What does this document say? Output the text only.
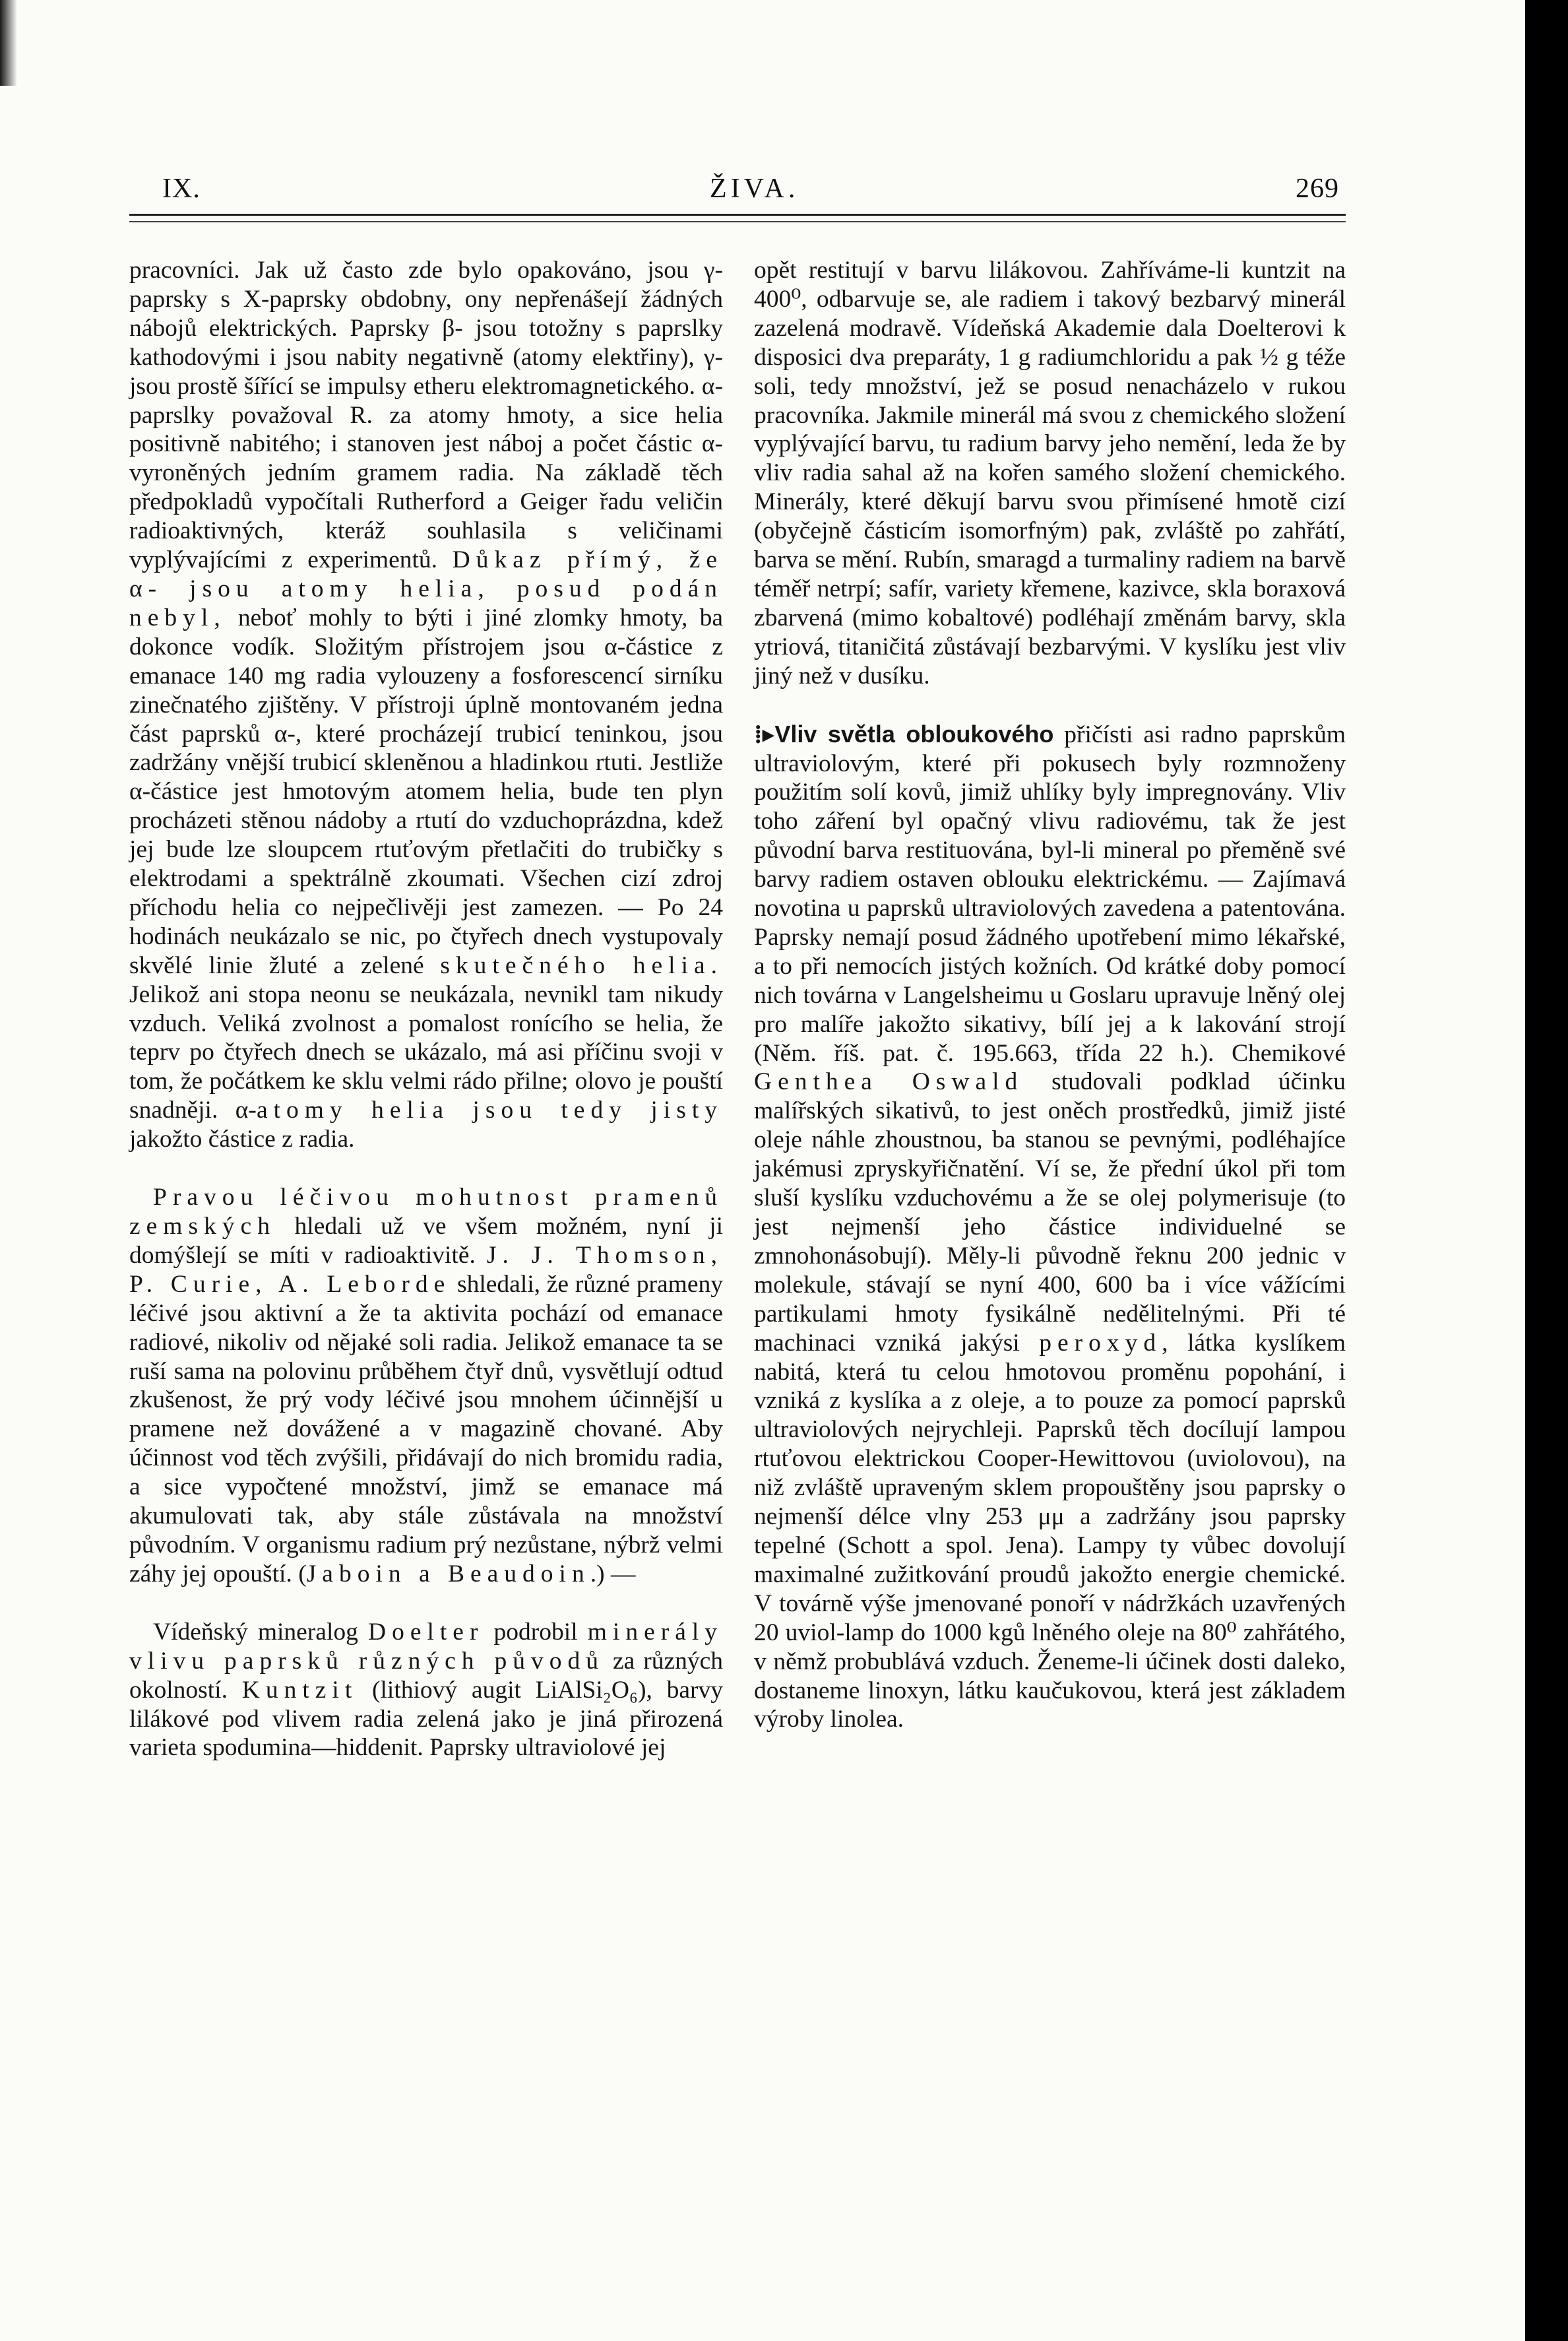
IX.	ŽIVA.	269

pracovníci. Jak už často zde bylo opakováno, jsou γ-paprsky s X-paprsky obdobny, ony nepřenášejí žádných nábojů elektrických. Paprsky β- jsou totožny s paprslky kathodovými i jsou nabity negativně (atomy elektřiny), γ- jsou prostě šířící se impulsy etheru elektromagnetického. α-paprslky považoval R. za atomy hmoty, a sice helia positivně nabitého; i stanoven jest náboj a počet částic α- vyroněných jedním gramem radia. Na základě těch předpokladů vypočítali Rutherford a Geiger řadu veličin radioaktivných, kteráž souhlasila s veličinami vyplývajícími z experimentů. Důkaz přímý, že α- jsou atomy helia, posud podán nebyl, neboť mohly to býti i jiné zlomky hmoty, ba dokonce vodík. Složitým přístrojem jsou α-částice z emanace 140 mg radia vylouzeny a fosforescencí sirníku zinečnatého zjištěny. V přístroji úplně montovaném jedna část paprsků α-, které procházejí trubicí teninkou, jsou zadržány vnější trubicí skleněnou a hladinkou rtuti. Jestliže α-částice jest hmotovým atomem helia, bude ten plyn procházeti stěnou nádoby a rtutí do vzduchoprázdna, kdež jej bude lze sloupcem rtuťovým přetlačiti do trubičky s elektrodami a spektrálně zkoumati. Všechen cizí zdroj příchodu helia co nejpečlivěji jest zamezen. — Po 24 hodinách neukázalo se nic, po čtyřech dnech vystupovaly skvělé linie žluté a zelené skutečného helia. Jelikož ani stopa neonu se neukázala, nevnikl tam nikudy vzduch. Veliká zvolnost a pomalost ronícího se helia, že teprv po čtyřech dnech se ukázalo, má asi příčinu svoji v tom, že počátkem ke sklu velmi rádo přilne; olovo je pouští snadněji. α-atomy helia jsou tedy jisty jakožto částice z radia.

Pravou léčivou mohutnost pramenů zemských hledali už ve všem možném, nyní ji domýšlejí se míti v radioaktivitě. J. J. Thomson, P. Curie, A. Leborde shledali, že různé prameny léčivé jsou aktivní a že ta aktivita pochází od emanace radiové, nikoliv od nějaké soli radia. Jelikož emanace ta se ruší sama na polovinu průběhem čtyř dnů, vysvětlují odtud zkušenost, že prý vody léčivé jsou mnohem účinnější u pramene než dovážené a v magazině chované. Aby účinnost vod těch zvýšili, přidávají do nich bromidu radia, a sice vypočtené množství, jimž se emanace má akumulovati tak, aby stále zůstávala na množství původním. V organismu radium prý nezůstane, nýbrž velmi záhy jej opouští. (Jaboin a Beaudoin.) —

Vídeňský mineralog Doelter podrobil minerály vlivu paprsků různých původů za různých okolností. Kuntzit (lithiový augit LiAlSi₂O₆), barvy lilákové pod vlivem radia zelená jako je jiná přirozená varieta spodumina—hiddenit. Paprsky ultraviolové jej

opět restitují v barvu lilákovou. Zahříváme-li kuntzit na 400⁰, odbarvuje se, ale radiem i takový bezbarvý minerál zazelená modravě. Vídeňská Akademie dala Doelterovi k disposici dva preparáty, 1 g radiumchloridu a pak ½ g téže soli, tedy množství, jež se posud nenacházelo v rukou pracovníka. Jakmile minerál má svou z chemického složení vyplývající barvu, tu radium barvy jeho nemění, leda že by vliv radia sahal až na kořen samého složení chemického. Minerály, které děkují barvu svou přimísené hmotě cizí (obyčejně částicím isomorfným) pak, zvláště po zahřátí, barva se mění. Rubín, smaragd a turmaliny radiem na barvě téměř netrpí; safír, variety křemene, kazivce, skla boraxová zbarvená (mimo kobaltové) podléhají změnám barvy, skla ytriová, titaničitá zůstávají bezbarvými. V kyslíku jest vliv jiný než v dusíku.

⁞▸Vliv světla obloukového přičísti asi radno paprskům ultraviolovým, které při pokusech byly rozmnoženy použitím solí kovů, jimiž uhlíky byly impregnovány. Vliv toho záření byl opačný vlivu radiovému, tak že jest původní barva restituována, byl-li mineral po přeměně své barvy radiem ostaven oblouku elektrickému. — Zajímavá novotina u paprsků ultraviolových zavedena a patentována. Paprsky nemají posud žádného upotřebení mimo lékařské, a to při nemocích jistých kožních. Od krátké doby pomocí nich továrna v Langelsheimu u Goslaru upravuje lněný olej pro malíře jakožto sikativy, bílí jej a k lakování strojí (Něm. říš. pat. č. 195.663, třída 22 h.). Chemikové Genthea Oswald studovali podklad účinku malířských sikativů, to jest oněch prostředků, jimiž jisté oleje náhle zhoustnou, ba stanou se pevnými, podléhajíce jakémusi zpryskyřičnatění. Ví se, že přední úkol při tom sluší kyslíku vzduchovému a že se olej polymerisuje (to jest nejmenší jeho částice individuelné se zmnohonásobují). Měly-li původně řeknu 200 jednic v molekule, stávají se nyní 400, 600 ba i více vážícími partikulami hmoty fysikálně nedělitelnými. Při té machinaci vzniká jakýsi peroxyd, látka kyslíkem nabitá, která tu celou hmotovou proměnu popohání, i vzniká z kyslíka a z oleje, a to pouze za pomocí paprsků ultraviolových nejrychleji. Paprsků těch docílují lampou rtuťovou elektrickou Cooper-Hewittovou (uviolovou), na niž zvláště upraveným sklem propouštěny jsou paprsky o nejmenší délce vlny 253 μμ a zadržány jsou paprsky tepelné (Schott a spol. Jena). Lampy ty vůbec dovolují maximalné zužitkování proudů jakožto energie chemické. V továrně výše jmenované ponoří v nádržkách uzavřených 20 uviol-lamp do 1000 kgů lněného oleje na 80⁰ zahřátého, v němž probublává vzduch. Ženeme-li účinek dosti daleko, dostaneme linoxyn, látku kaučukovou, která jest základem výroby linolea.
